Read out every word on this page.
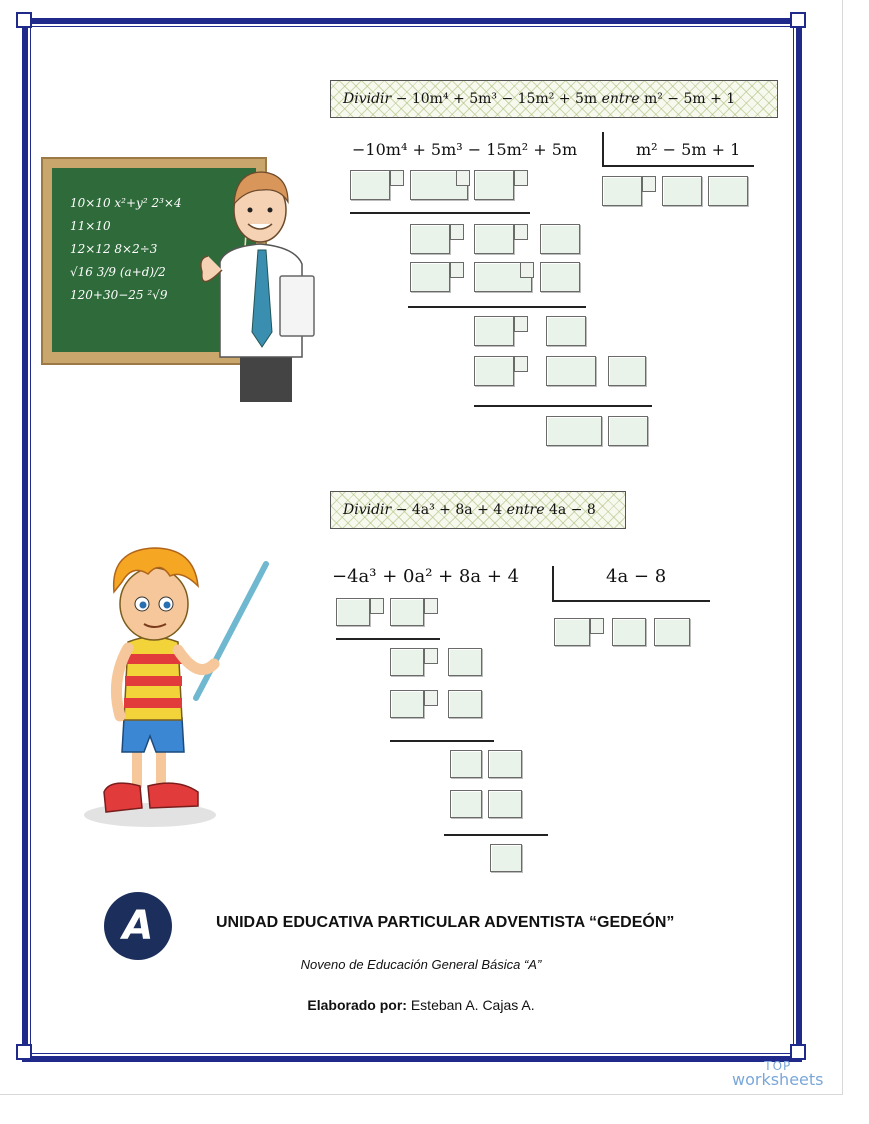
10×10 x²+y² 2³×4
11×10
12×12 8×2÷3
√16 3/9 (a+d)/2
120+30−25 ²√9
Dividir
− 10m⁴ + 5m³ − 15m² + 5m
entre
m² − 5m + 1
−10m⁴ + 5m³ − 15m² + 5m	m² − 5m + 1
Dividir
− 4a³ + 8a + 4
entre
4a − 8
−4a³ + 0a² + 8a + 4	4a − 8
A	UNIDAD EDUCATIVA PARTICULAR ADVENTISTA “GEDEÓN”
Noveno de Educación General Básica “A”
Elaborado por: Esteban A. Cajas A.
TOP
worksheets
